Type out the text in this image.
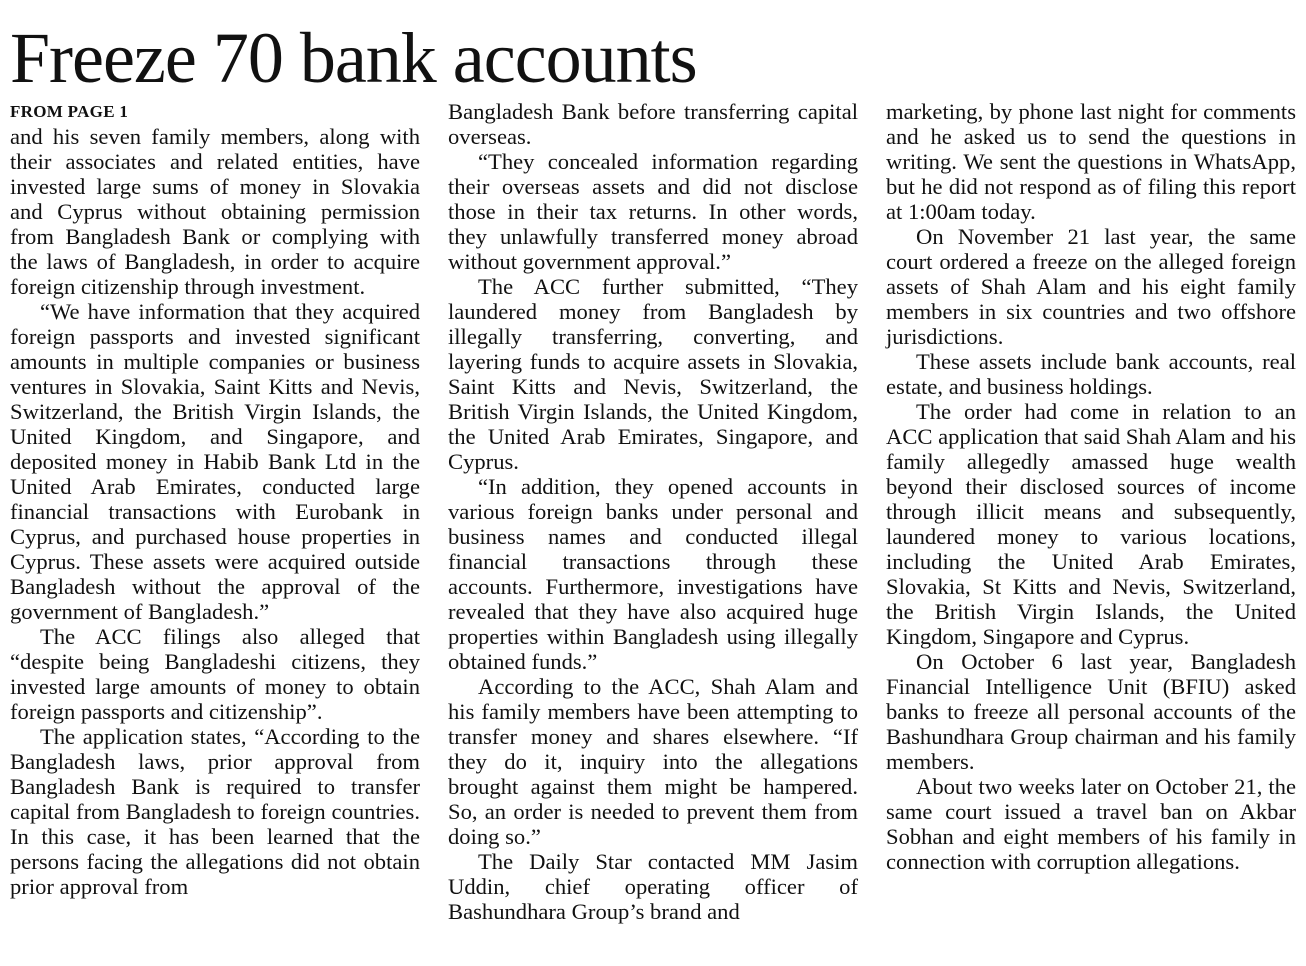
Freeze 70 bank accounts
FROM PAGE 1

and his seven family members, along with their associates and related entities, have invested large sums of money in Slovakia and Cyprus without obtaining permission from Bangladesh Bank or complying with the laws of Bangladesh, in order to acquire foreign citizenship through investment.

“We have information that they acquired foreign passports and invested significant amounts in multiple companies or business ventures in Slovakia, Saint Kitts and Nevis, Switzerland, the British Virgin Islands, the United Kingdom, and Singapore, and deposited money in Habib Bank Ltd in the United Arab Emirates, conducted large financial transactions with Eurobank in Cyprus, and purchased house properties in Cyprus. These assets were acquired outside Bangladesh without the approval of the government of Bangladesh.”

The ACC filings also alleged that “despite being Bangladeshi citizens, they invested large amounts of money to obtain foreign passports and citizenship”.

The application states, “According to the Bangladesh laws, prior approval from Bangladesh Bank is required to transfer capital from Bangladesh to foreign countries. In this case, it has been learned that the persons facing the allegations did not obtain prior approval from

Bangladesh Bank before transferring capital overseas.

“They concealed information regarding their overseas assets and did not disclose those in their tax returns. In other words, they unlawfully transferred money abroad without government approval.”

The ACC further submitted, “They laundered money from Bangladesh by illegally transferring, converting, and layering funds to acquire assets in Slovakia, Saint Kitts and Nevis, Switzerland, the British Virgin Islands, the United Kingdom, the United Arab Emirates, Singapore, and Cyprus.

“In addition, they opened accounts in various foreign banks under personal and business names and conducted illegal financial transactions through these accounts. Furthermore, investigations have revealed that they have also acquired huge properties within Bangladesh using illegally obtained funds.”

According to the ACC, Shah Alam and his family members have been attempting to transfer money and shares elsewhere. “If they do it, inquiry into the allegations brought against them might be hampered. So, an order is needed to prevent them from doing so.”

The Daily Star contacted MM Jasim Uddin, chief operating officer of Bashundhara Group’s brand and

marketing, by phone last night for comments and he asked us to send the questions in writing. We sent the questions in WhatsApp, but he did not respond as of filing this report at 1:00am today.

On November 21 last year, the same court ordered a freeze on the alleged foreign assets of Shah Alam and his eight family members in six countries and two offshore jurisdictions.

These assets include bank accounts, real estate, and business holdings.

The order had come in relation to an ACC application that said Shah Alam and his family allegedly amassed huge wealth beyond their disclosed sources of income through illicit means and subsequently, laundered money to various locations, including the United Arab Emirates, Slovakia, St Kitts and Nevis, Switzerland, the British Virgin Islands, the United Kingdom, Singapore and Cyprus.

On October 6 last year, Bangladesh Financial Intelligence Unit (BFIU) asked banks to freeze all personal accounts of the Bashundhara Group chairman and his family members.

About two weeks later on October 21, the same court issued a travel ban on Akbar Sobhan and eight members of his family in connection with corruption allegations.
